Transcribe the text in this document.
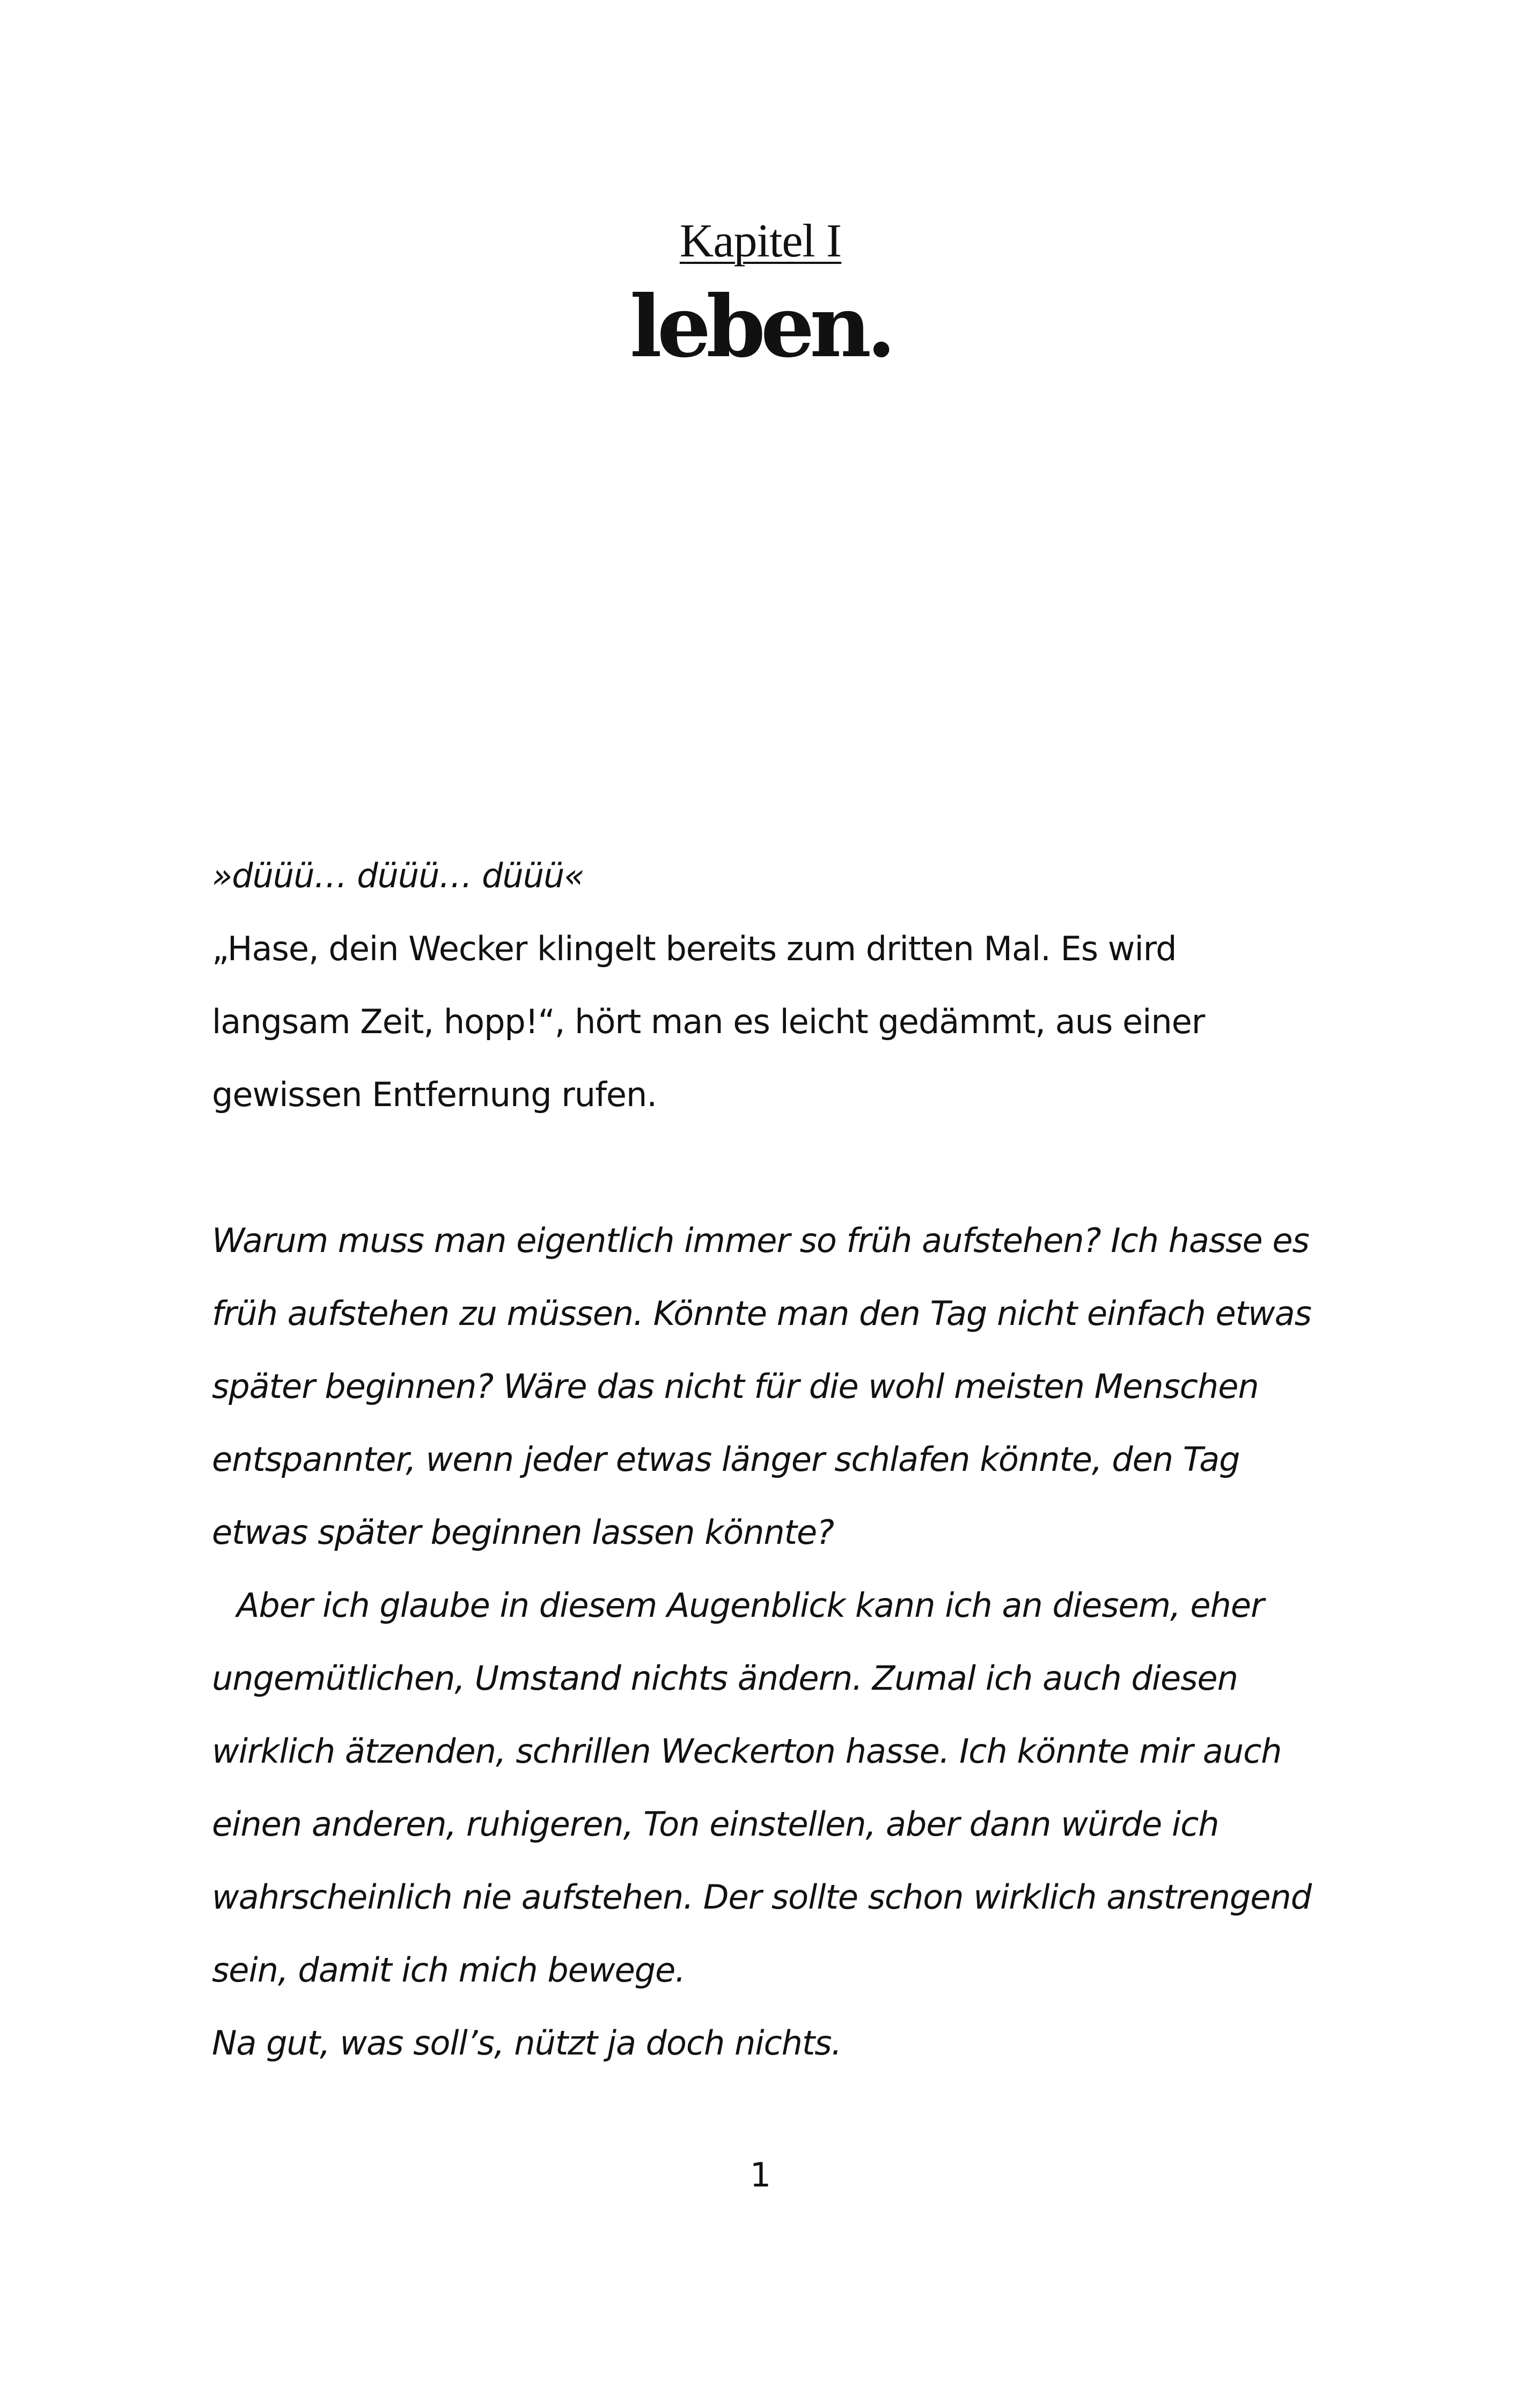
Kapitel I
leben.
»düüü… düüü… düüü«
„Hase, dein Wecker klingelt bereits zum dritten Mal. Es wird
langsam Zeit, hopp!“, hört man es leicht gedämmt, aus einer
gewissen Entfernung rufen.
Warum muss man eigentlich immer so früh aufstehen? Ich hasse es
früh aufstehen zu müssen. Könnte man den Tag nicht einfach etwas
später beginnen? Wäre das nicht für die wohl meisten Menschen
entspannter, wenn jeder etwas länger schlafen könnte, den Tag
etwas später beginnen lassen könnte?
Aber ich glaube in diesem Augenblick kann ich an diesem, eher
ungemütlichen, Umstand nichts ändern. Zumal ich auch diesen
wirklich ätzenden, schrillen Weckerton hasse. Ich könnte mir auch
einen anderen, ruhigeren, Ton einstellen, aber dann würde ich
wahrscheinlich nie aufstehen. Der sollte schon wirklich anstrengend
sein, damit ich mich bewege.
Na gut, was soll’s, nützt ja doch nichts.
1
